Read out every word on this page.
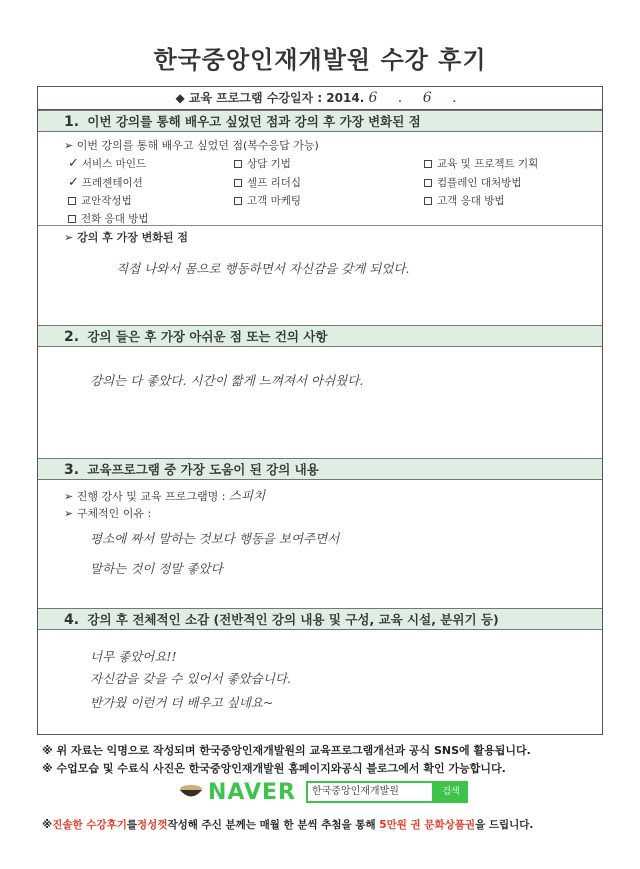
한국중앙인재개발원 수강 후기
◆ 교육 프로그램 수강일자 : 2014. 6 . 6 .
1. 이번 강의를 통해 배우고 싶었던 점과 강의 후 가장 변화된 점
➢ 이번 강의를 통해 배우고 싶었던 점(복수응답 가능)
✓ 서비스 마인드	상담 기법	교육 및 프로젝트 기획
✓ 프레젠테이션	셀프 리더십	컴플레인 대처방법
교안작성법	고객 마케팅	고객 응대 방법
전화 응대 방법
➢ 강의 후 가장 변화된 점
직접 나와서 몸으로 행동하면서 자신감을 갖게 되었다.
2. 강의 들은 후 가장 아쉬운 점 또는 건의 사항
강의는 다 좋았다. 시간이 짧게 느껴져서 아쉬웠다.
3. 교육프로그램 중 가장 도움이 된 강의 내용
➢ 진행 강사 및 교육 프로그램명 : 스피치
➢ 구체적인 이유 :
평소에 짜서 말하는 것보다 행동을 보여주면서
말하는 것이 정말 좋았다
4. 강의 후 전체적인 소감 (전반적인 강의 내용 및 구성, 교육 시설, 분위기 등)
너무 좋았어요!!
자신감을 갖을 수 있어서 좋았습니다.
반가웠 이런거 더 배우고 싶네요~
※ 위 자료는 익명으로 작성되며 한국중앙인재개발원의 교육프로그램개선과 공식 SNS에 활용됩니다.
※ 수업모습 및 수료식 사진은 한국중앙인재개발원 홈페이지와공식 블로그에서 확인 가능합니다.
NAVER	한국중앙인재개발원	검색
※진솔한 수강후기를정성껏작성해 주신 분께는 매월 한 분씩 추첨을 통해 5만원 권 문화상품권을 드립니다.
